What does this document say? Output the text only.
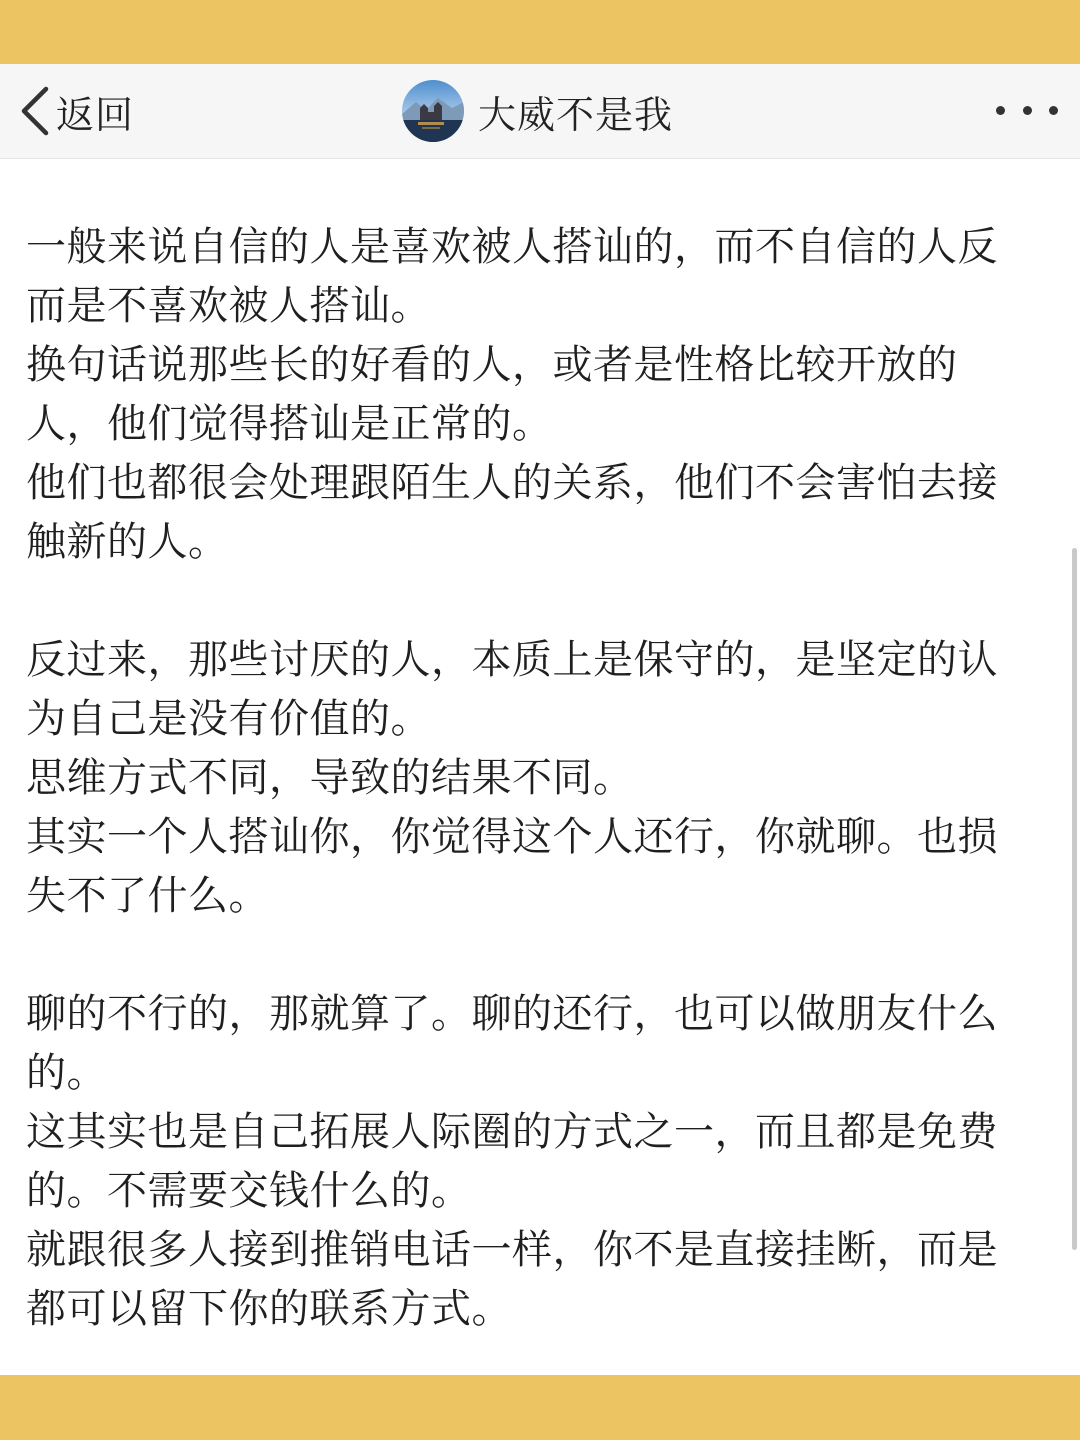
返回	大威不是我

一般来说自信的人是喜欢被人搭讪的，而不自信的人反而是不喜欢被人搭讪。

换句话说那些长的好看的人，或者是性格比较开放的人，他们觉得搭讪是正常的。

他们也都很会处理跟陌生人的关系，他们不会害怕去接触新的人。

反过来，那些讨厌的人，本质上是保守的，是坚定的认为自己是没有价值的。

思维方式不同，导致的结果不同。

其实一个人搭讪你，你觉得这个人还行，你就聊。也损失不了什么。

聊的不行的，那就算了。聊的还行，也可以做朋友什么的。

这其实也是自己拓展人际圈的方式之一，而且都是免费的。不需要交钱什么的。

就跟很多人接到推销电话一样，你不是直接挂断，而是都可以留下你的联系方式。
